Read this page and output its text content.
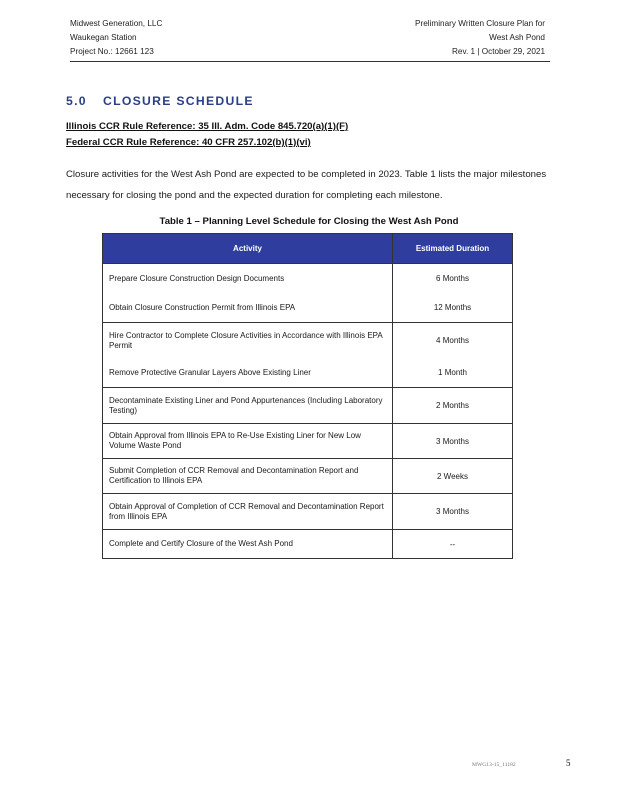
Midwest Generation, LLC
Waukegan Station
Project No.: 12661 123
Preliminary Written Closure Plan for
West Ash Pond
Rev. 1 | October 29, 2021
5.0 CLOSURE SCHEDULE
Illinois CCR Rule Reference: 35 Ill. Adm. Code 845.720(a)(1)(F)
Federal CCR Rule Reference: 40 CFR 257.102(b)(1)(vi)
Closure activities for the West Ash Pond are expected to be completed in 2023. Table 1 lists the major milestones necessary for closing the pond and the expected duration for completing each milestone.
Table 1 – Planning Level Schedule for Closing the West Ash Pond
Activity	Estimated Duration
Prepare Closure Construction Design Documents	6 Months
Obtain Closure Construction Permit from Illinois EPA	12 Months
Hire Contractor to Complete Closure Activities in Accordance with Illinois EPA Permit	4 Months
Remove Protective Granular Layers Above Existing Liner	1 Month
Decontaminate Existing Liner and Pond Appurtenances (Including Laboratory Testing)	2 Months
Obtain Approval from Illinois EPA to Re-Use Existing Liner for New Low Volume Waste Pond	3 Months
Submit Completion of CCR Removal and Decontamination Report and Certification to Illinois EPA	2 Weeks
Obtain Approval of Completion of CCR Removal and Decontamination Report from Illinois EPA	3 Months
Complete and Certify Closure of the West Ash Pond	--
MWG13-15_11182	5
